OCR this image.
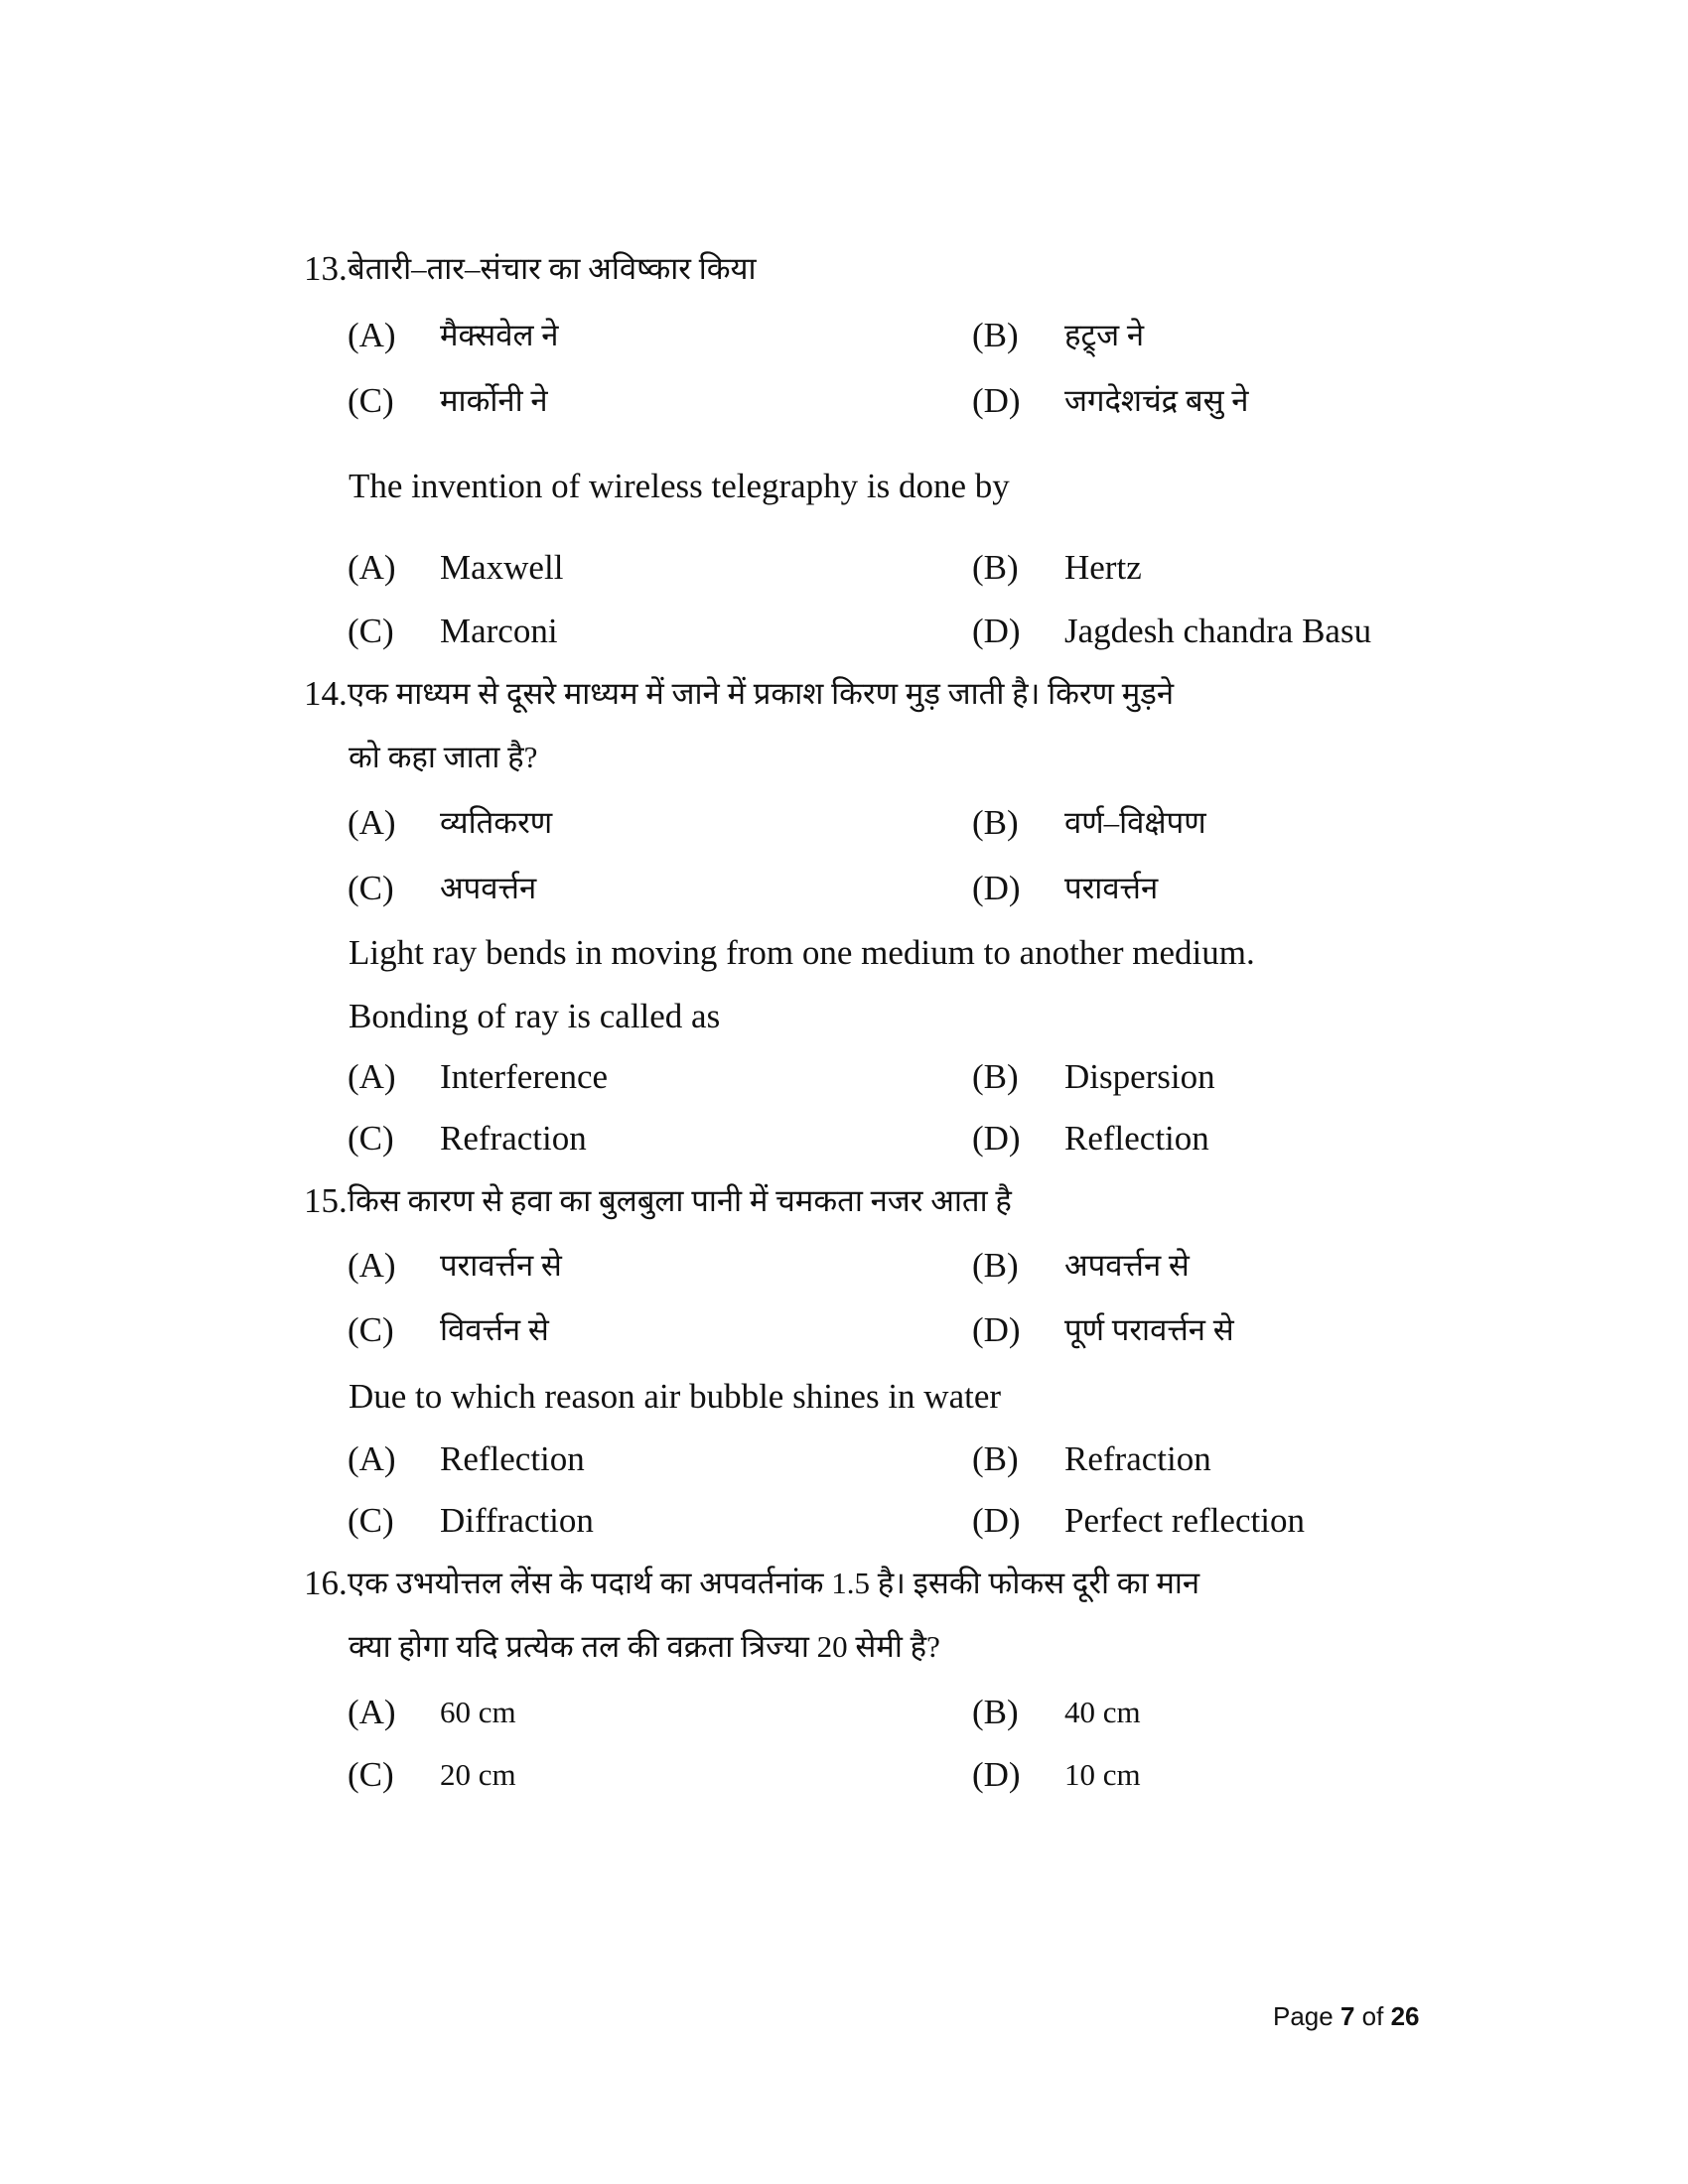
13. बेतारी–तार–संचार का अविष्कार किया
(A) मैक्सवेल ने	(B) हट्र्ज ने
(C) मार्कोनी ने	(D) जगदेशचंद्र बसु ने
The invention of wireless telegraphy is done by
(A) Maxwell	(B) Hertz
(C) Marconi	(D) Jagdesh chandra Basu
14. एक माध्यम से दूसरे माध्यम में जाने में प्रकाश किरण मुड़ जाती है। किरण मुड़ने
को कहा जाता है?
(A) व्यतिकरण	(B) वर्ण–विक्षेपण
(C) अपवर्त्तन	(D) परावर्त्तन
Light ray bends in moving from one medium to another medium.
Bonding of ray is called as
(A) Interference	(B) Dispersion
(C) Refraction	(D) Reflection
15. किस कारण से हवा का बुलबुला पानी में चमकता नजर आता है
(A) परावर्त्तन से	(B) अपवर्त्तन से
(C) विवर्त्तन से	(D) पूर्ण परावर्त्तन से
Due to which reason air bubble shines in water
(A) Reflection	(B) Refraction
(C) Diffraction	(D) Perfect reflection
16. एक उभयोत्तल लेंस के पदार्थ का अपवर्तनांक 1.5 है। इसकी फोकस दूरी का मान
क्या होगा यदि प्रत्येक तल की वक्रता त्रिज्या 20 सेमी है?
(A) 60 cm	(B) 40 cm
(C) 20 cm	(D) 10 cm
Page 7 of 26
